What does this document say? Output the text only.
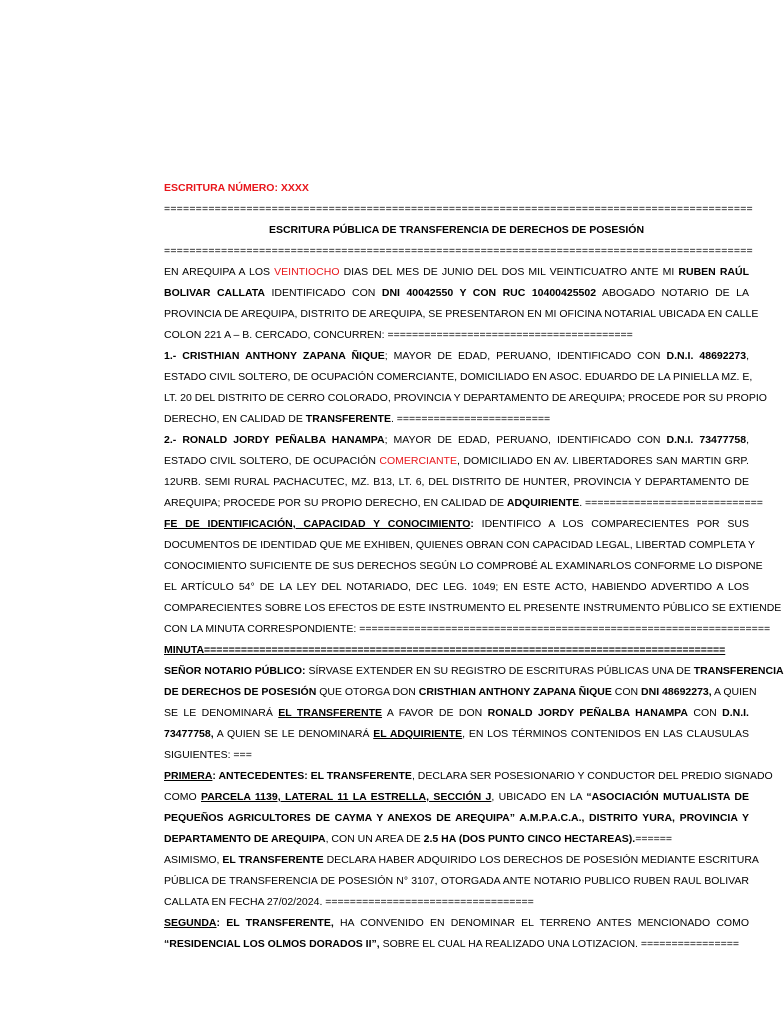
ESCRITURA NÚMERO: XXXX
=============================================================================================
ESCRITURA PÚBLICA DE TRANSFERENCIA DE DERECHOS DE POSESIÓN
=============================================================================================
EN AREQUIPA A LOS VEINTIOCHO DIAS DEL MES DE JUNIO DEL DOS MIL VEINTICUATRO ANTE MI RUBEN RAÚL
BOLIVAR CALLATA IDENTIFICADO CON DNI 40042550 Y CON RUC 10400425502 ABOGADO NOTARIO DE LA
PROVINCIA DE AREQUIPA, DISTRITO DE AREQUIPA, SE PRESENTARON EN MI OFICINA NOTARIAL UBICADA EN CALLE
COLON 221 A – B. CERCADO, CONCURREN: ========================================
1.- CRISTHIAN ANTHONY ZAPANA ÑIQUE; MAYOR DE EDAD, PERUANO, IDENTIFICADO CON D.N.I. 48692273,
ESTADO CIVIL SOLTERO, DE OCUPACIÓN COMERCIANTE, DOMICILIADO EN ASOC. EDUARDO DE LA PINIELLA MZ. E,
LT. 20 DEL DISTRITO DE CERRO COLORADO, PROVINCIA Y DEPARTAMENTO DE AREQUIPA; PROCEDE POR SU PROPIO
DERECHO, EN CALIDAD DE TRANSFERENTE. =========================
2.- RONALD JORDY PEÑALBA HANAMPA; MAYOR DE EDAD, PERUANO, IDENTIFICADO CON D.N.I. 73477758,
ESTADO CIVIL SOLTERO, DE OCUPACIÓN COMERCIANTE, DOMICILIADO EN AV. LIBERTADORES SAN MARTIN GRP.
12URB. SEMI RURAL PACHACUTEC, MZ. B13, LT. 6, DEL DISTRITO DE HUNTER, PROVINCIA Y DEPARTAMENTO DE
AREQUIPA; PROCEDE POR SU PROPIO DERECHO, EN CALIDAD DE ADQUIRIENTE. =============================
FE DE IDENTIFICACIÓN, CAPACIDAD Y CONOCIMIENTO: IDENTIFICO A LOS COMPARECIENTES POR SUS
DOCUMENTOS DE IDENTIDAD QUE ME EXHIBEN, QUIENES OBRAN CON CAPACIDAD LEGAL, LIBERTAD COMPLETA Y
CONOCIMIENTO SUFICIENTE DE SUS DERECHOS SEGÚN LO COMPROBÉ AL EXAMINARLOS CONFORME LO DISPONE
EL ARTÍCULO 54° DE LA LEY DEL NOTARIADO, DEC LEG. 1049; EN ESTE ACTO, HABIENDO ADVERTIDO A LOS
COMPARECIENTES SOBRE LOS EFECTOS DE ESTE INSTRUMENTO EL PRESENTE INSTRUMENTO PÚBLICO SE EXTIENDE
CON LA MINUTA CORRESPONDIENTE: ===================================================================
MINUTA=====================================================================================
SEÑOR NOTARIO PÚBLICO: SÍRVASE EXTENDER EN SU REGISTRO DE ESCRITURAS PÚBLICAS UNA DE TRANSFERENCIA
DE DERECHOS DE POSESIÓN QUE OTORGA DON CRISTHIAN ANTHONY ZAPANA ÑIQUE CON DNI 48692273, A QUIEN
SE LE DENOMINARÁ EL TRANSFERENTE A FAVOR DE DON RONALD JORDY PEÑALBA HANAMPA CON D.N.I.
73477758, A QUIEN SE LE DENOMINARÁ EL ADQUIRIENTE, EN LOS TÉRMINOS CONTENIDOS EN LAS CLAUSULAS
SIGUIENTES: ===
PRIMERA: ANTECEDENTES: EL TRANSFERENTE, DECLARA SER POSESIONARIO Y CONDUCTOR DEL PREDIO SIGNADO
COMO PARCELA 1139, LATERAL 11 LA ESTRELLA, SECCIÓN J, UBICADO EN LA “ASOCIACIÓN MUTUALISTA DE
PEQUEÑOS AGRICULTORES DE CAYMA Y ANEXOS DE AREQUIPA” A.M.P.A.C.A., DISTRITO YURA, PROVINCIA Y
DEPARTAMENTO DE AREQUIPA, CON UN AREA DE 2.5 HA (DOS PUNTO CINCO HECTAREAS).======
ASIMISMO, EL TRANSFERENTE DECLARA HABER ADQUIRIDO LOS DERECHOS DE POSESIÓN MEDIANTE ESCRITURA
PÚBLICA DE TRANSFERENCIA DE POSESIÓN N° 3107, OTORGADA ANTE NOTARIO PUBLICO RUBEN RAUL BOLIVAR
CALLATA EN FECHA 27/02/2024. ==================================
SEGUNDA: EL TRANSFERENTE, HA CONVENIDO EN DENOMINAR EL TERRENO ANTES MENCIONADO COMO
“RESIDENCIAL LOS OLMOS DORADOS II”, SOBRE EL CUAL HA REALIZADO UNA LOTIZACION. ================
